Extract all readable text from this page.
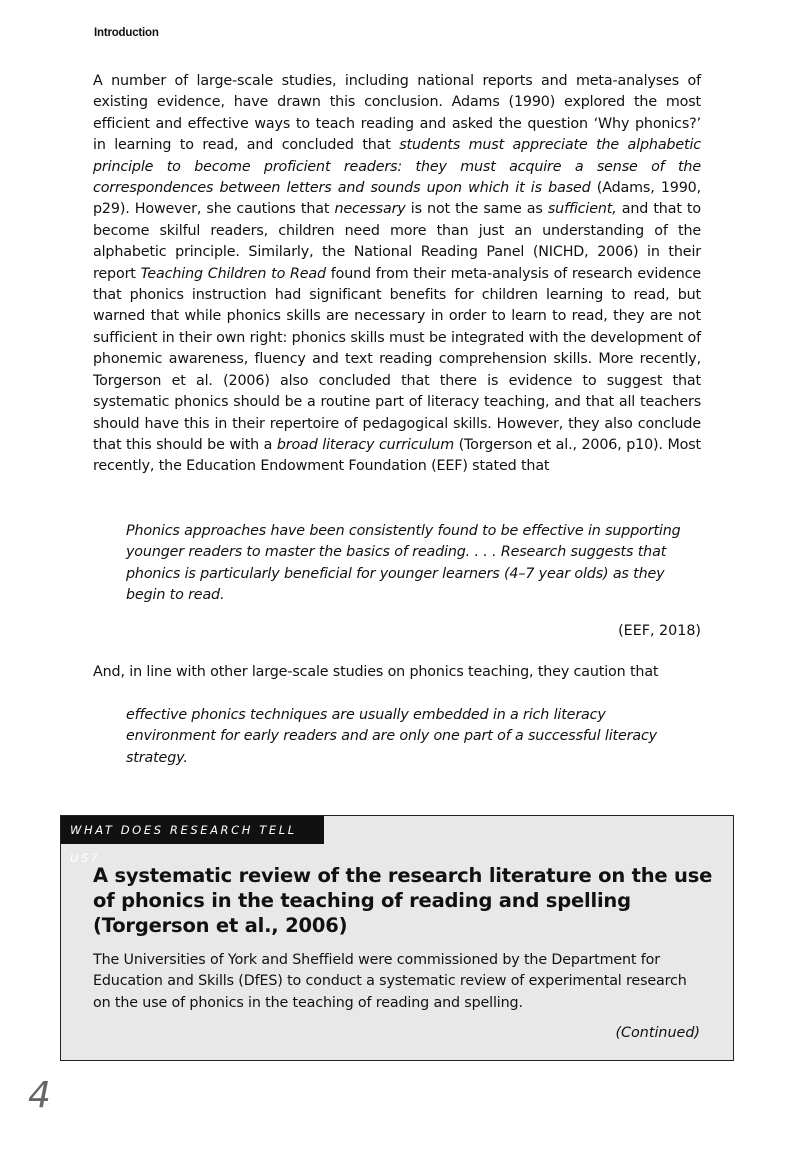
Introduction

A number of large-scale studies, including national reports and meta-analyses of existing evidence, have drawn this conclusion. Adams (1990) explored the most efficient and effective ways to teach reading and asked the question ‘Why phonics?’ in learning to read, and concluded that students must appreciate the alphabetic principle to become proficient readers: they must acquire a sense of the correspondences between letters and sounds upon which it is based (Adams, 1990, p29). However, she cautions that necessary is not the same as sufficient, and that to become skilful readers, children need more than just an understanding of the alphabetic principle. Similarly, the National Reading Panel (NICHD, 2006) in their report Teaching Children to Read found from their meta-analysis of research evidence that phonics instruction had significant benefits for children learning to read, but warned that while phonics skills are necessary in order to learn to read, they are not sufficient in their own right: phonics skills must be integrated with the development of phonemic awareness, fluency and text reading comprehension skills. More recently, Torgerson et al. (2006) also concluded that there is evidence to suggest that systematic phonics should be a routine part of literacy teaching, and that all teachers should have this in their repertoire of pedagogical skills. However, they also conclude that this should be with a broad literacy curriculum (Torgerson et al., 2006, p10). Most recently, the Education Endowment Foundation (EEF) stated that

Phonics approaches have been consistently found to be effective in supporting younger readers to master the basics of reading. . . . Research suggests that phonics is particularly beneficial for younger learners (4–7 year olds) as they begin to read.

(EEF, 2018)

And, in line with other large-scale studies on phonics teaching, they caution that

effective phonics techniques are usually embedded in a rich literacy environment for early readers and are only one part of a successful literacy strategy.

WHAT DOES RESEARCH TELL US?
A systematic review of the research literature on the use of phonics in the teaching of reading and spelling (Torgerson et al., 2006)

The Universities of York and Sheffield were commissioned by the Department for Education and Skills (DfES) to conduct a systematic review of experimental research on the use of phonics in the teaching of reading and spelling.

(Continued)

4
